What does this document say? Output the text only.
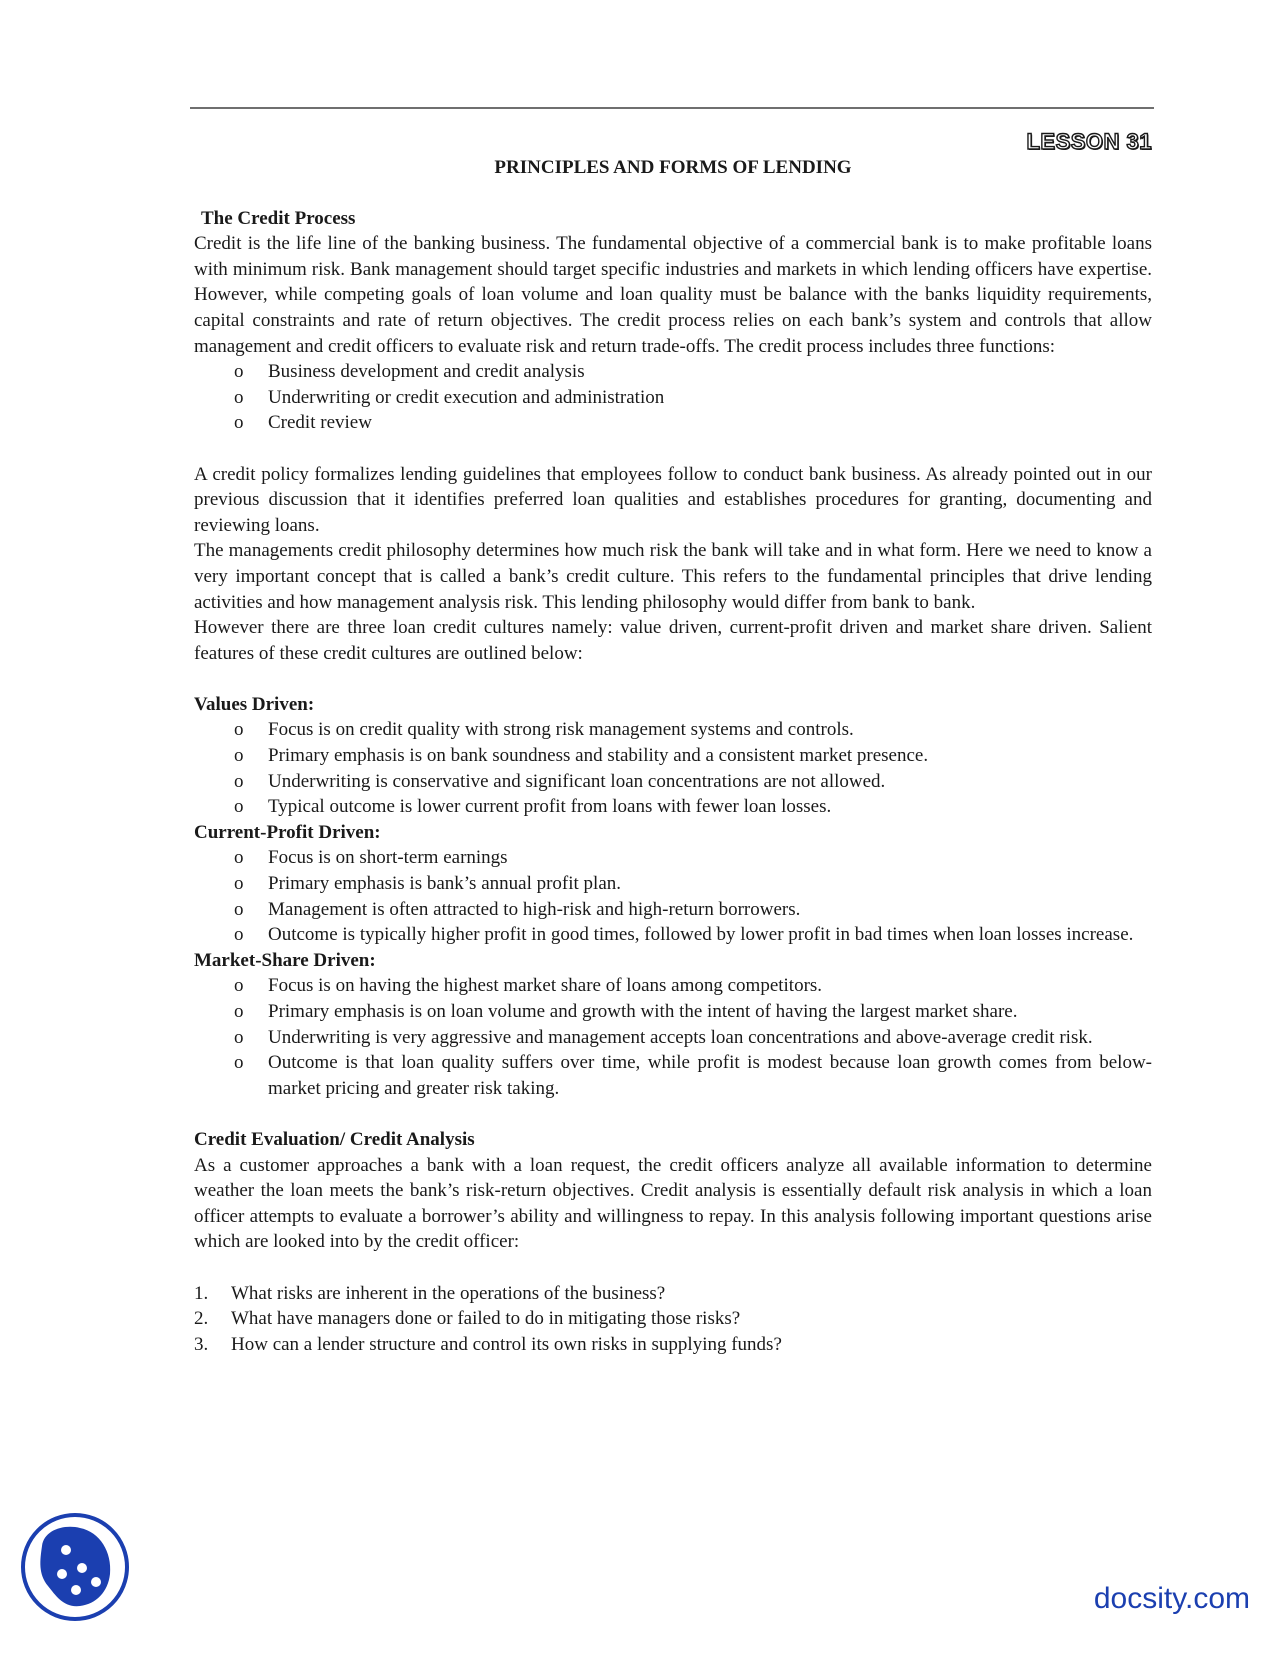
LESSON 31
PRINCIPLES AND FORMS OF LENDING
The Credit Process

Credit is the life line of the banking business. The fundamental objective of a commercial bank is to make profitable loans with minimum risk. Bank management should target specific industries and markets in which lending officers have expertise. However, while competing goals of loan volume and loan quality must be balance with the banks liquidity requirements, capital constraints and rate of return objectives. The credit process relies on each bank’s system and controls that allow management and credit officers to evaluate risk and return trade-offs. The credit process includes three functions:

o Business development and credit analysis
o Underwriting or credit execution and administration
o Credit review

A credit policy formalizes lending guidelines that employees follow to conduct bank business. As already pointed out in our previous discussion that it identifies preferred loan qualities and establishes procedures for granting, documenting and reviewing loans.

The managements credit philosophy determines how much risk the bank will take and in what form. Here we need to know a very important concept that is called a bank’s credit culture. This refers to the fundamental principles that drive lending activities and how management analysis risk. This lending philosophy would differ from bank to bank.

However there are three loan credit cultures namely: value driven, current-profit driven and market share driven. Salient features of these credit cultures are outlined below:

Values Driven:
o Focus is on credit quality with strong risk management systems and controls.
o Primary emphasis is on bank soundness and stability and a consistent market presence.
o Underwriting is conservative and significant loan concentrations are not allowed.
o Typical outcome is lower current profit from loans with fewer loan losses.
Current-Profit Driven:
o Focus is on short-term earnings
o Primary emphasis is bank’s annual profit plan.
o Management is often attracted to high-risk and high-return borrowers.
o Outcome is typically higher profit in good times, followed by lower profit in bad times when loan losses increase.
Market-Share Driven:
o Focus is on having the highest market share of loans among competitors.
o Primary emphasis is on loan volume and growth with the intent of having the largest market share.
o Underwriting is very aggressive and management accepts loan concentrations and above-average credit risk.
o Outcome is that loan quality suffers over time, while profit is modest because loan growth comes from below-market pricing and greater risk taking.
Credit Evaluation/ Credit Analysis

As a customer approaches a bank with a loan request, the credit officers analyze all available information to determine weather the loan meets the bank’s risk-return objectives. Credit analysis is essentially default risk analysis in which a loan officer attempts to evaluate a borrower’s ability and willingness to repay. In this analysis following important questions arise which are looked into by the credit officer:

1. What risks are inherent in the operations of the business?
2. What have managers done or failed to do in mitigating those risks?
3. How can a lender structure and control its own risks in supplying funds?
docsity.com
